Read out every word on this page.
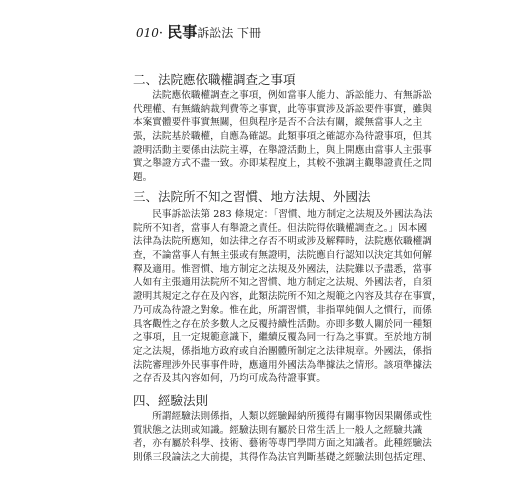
010· 民事訴訟法 下冊
二、法院應依職權調查之事項
　　法院應依職權調查之事項，例如當事人能力、訴訟能力、有無訴訟
代理權、有無織納裁判費等之事實，此等事實涉及訴訟要件事實，雖與
本案實體要件事實無關，但與程序是否不合法有關，縱無當事人之主
張，法院基於職權，自應為確認。此類事項之確認亦為待證事項，但其
證明活動主要係由法院主導，在舉證活動上，與上開應由當事人主張事
實之舉證方式不盡一致。亦即某程度上，其較不強調主觀舉證責任之問
題。
三、法院所不知之習慣、地方法規、外國法
　　民事訴訟法第 283 條規定：「習慣、地方制定之法規及外國法為法
院所不知者，當事人有舉證之責任。但法院得依職權調查之。」因本國
法律為法院所應知，如法律之存否不明或涉及解釋時，法院應依職權調
查，不論當事人有無主張或有無證明，法院應自行認知以決定其如何解
釋及適用。惟習慣、地方制定之法規及外國法，法院難以予盡悉，當事
人如有主張適用法院所不知之習慣、地方制定之法規、外國法者，自須
證明其規定之存在及內容，此類法院所不知之規範之內容及其存在事實，
乃可成為待證之對象。惟在此，所謂習慣，非指單純個人之慣行，而係
具客觀性之存在於多數人之反覆持續性活動。亦即多數人關於同一種類
之事項，且一定規範意識下，繼續反覆為同一行為之事實。至於地方制
定之法規，係指地方政府或自治團體所制定之法律規章。外國法，係指
法院審理涉外民事事件時，應適用外國法為準據法之情形。該項準據法
之存否及其內容如何，乃均可成為待證事實。
四、經驗法則
　　所謂經驗法則係指，人類以經驗歸納所獲得有關事物因果關係或性
質狀態之法則或知識。經驗法則有屬於日常生活上一般人之經驗共識
者，亦有屬於科學、技術、藝術等專門學問方面之知識者。此種經驗法
則係三段論法之大前提，其得作為法官判斷基礎之經驗法則包括定理、
